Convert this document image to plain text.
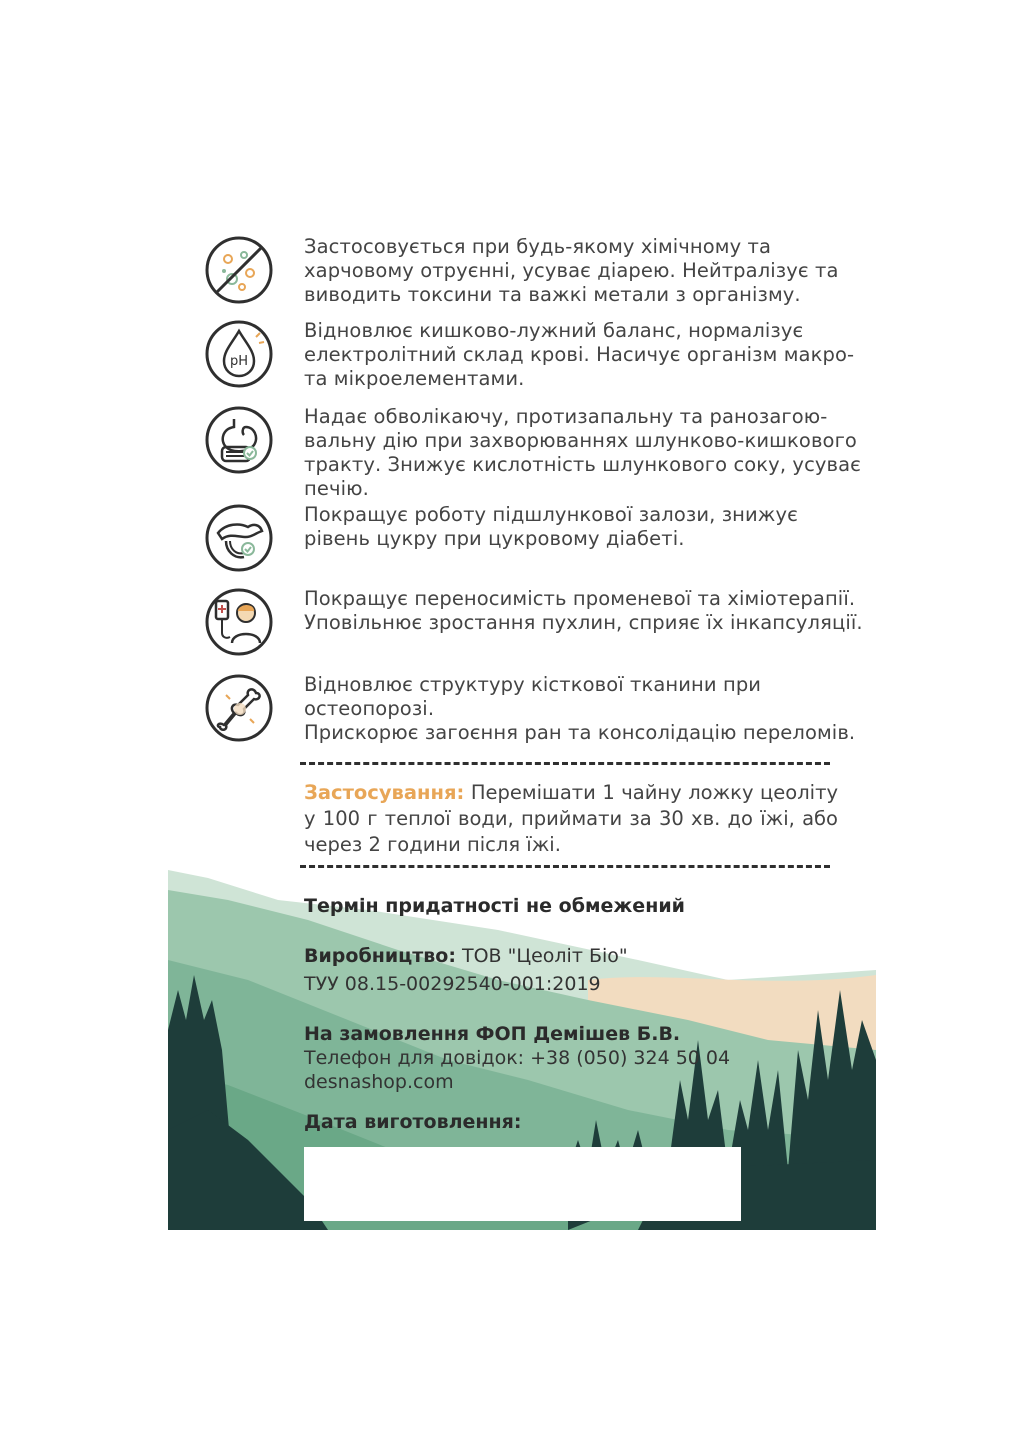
Застосовується при будь-якому хімічному та
харчовому отруєнні, усуває діарею. Нейтралізує та
виводить токсини та важкі метали з організму.
pH
Відновлює кишково-лужний баланс, нормалізує
електролітний склад крові. Насичує організм макро-
та мікроелементами.
Надає обволікаючу, протизапальну та ранозагою-
вальну дію при захворюваннях шлунково-кишкового
тракту. Знижує кислотність шлункового соку, усуває
печію.
Покращує роботу підшлункової залози, знижує
рівень цукру при цукровому діабеті.
Покращує переносимість променевої та хіміотерапії.
Уповільнює зростання пухлин, сприяє їх інкапсуляції.
Відновлює структуру кісткової тканини при
остеопорозі.
Прискорює загоєння ран та консолідацію переломів.
Застосування: Перемішати 1 чайну ложку цеоліту у 100 г теплої води, приймати за 30 хв. до їжі, або через 2 години після їжі.
Термін придатності не обмежений
Виробництво: ТОВ "Цеоліт Біо"
ТУУ 08.15-00292540-001:2019
На замовлення ФОП Демішев Б.В.
Телефон для довідок: +38 (050) 324 50 04
desnashop.com
Дата виготовлення:
